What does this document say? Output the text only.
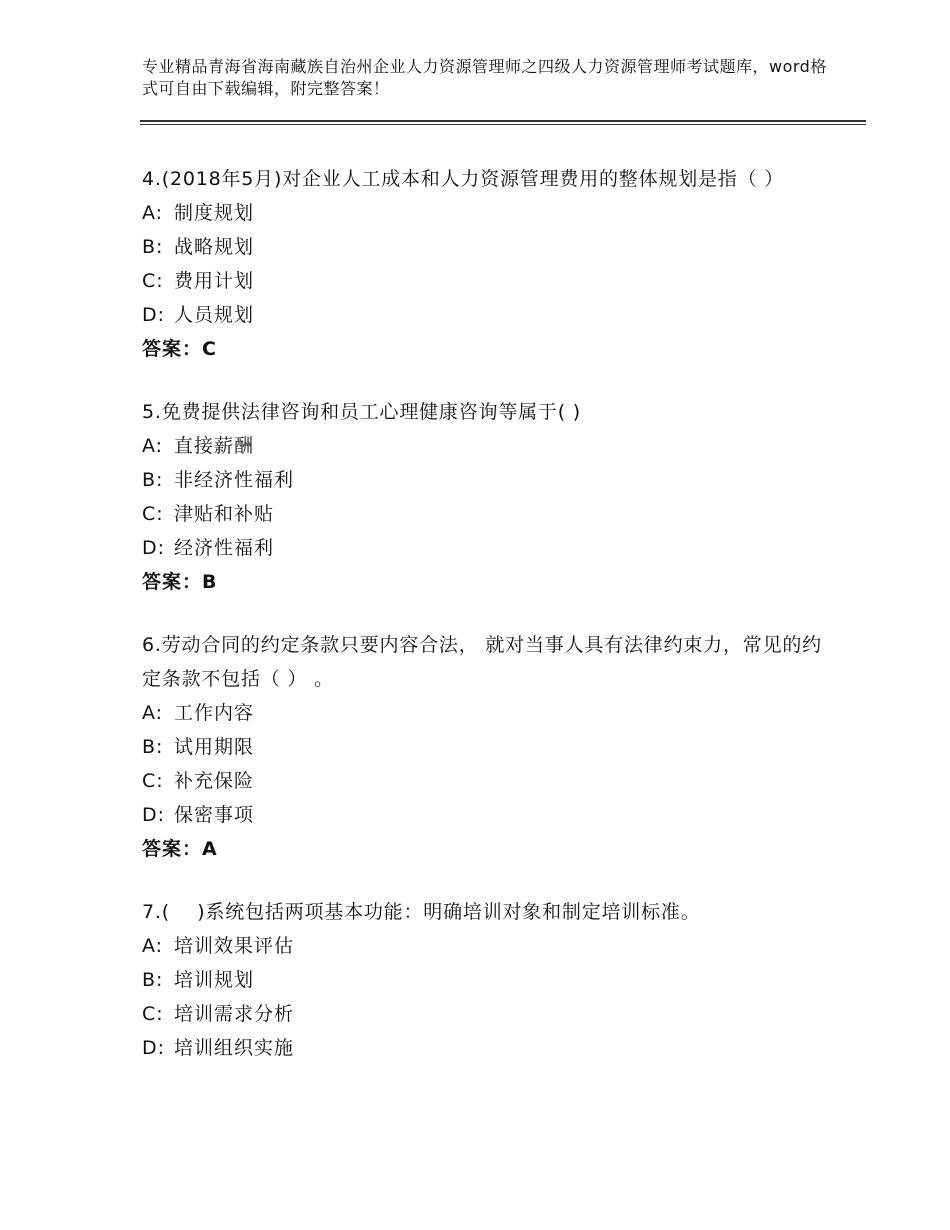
专业精品青海省海南藏族自治州企业人力资源管理师之四级人力资源管理师考试题库，word格式可自由下载编辑，附完整答案！
4.(2018年5月)对企业人工成本和人力资源管理费用的整体规划是指（ ）
A: 制度规划
B: 战略规划
C: 费用计划
D: 人员规划
答案：C
5.免费提供法律咨询和员工心理健康咨询等属于( )
A: 直接薪酬
B: 非经济性福利
C: 津贴和补贴
D: 经济性福利
答案：B
6.劳动合同的约定条款只要内容合法， 就对当事人具有法律约束力，常见的约定条款不包括（ ） 。
A: 工作内容
B: 试用期限
C: 补充保险
D: 保密事项
答案：A
7.(    )系统包括两项基本功能：明确培训对象和制定培训标准。
A: 培训效果评估
B: 培训规划
C: 培训需求分析
D: 培训组织实施
